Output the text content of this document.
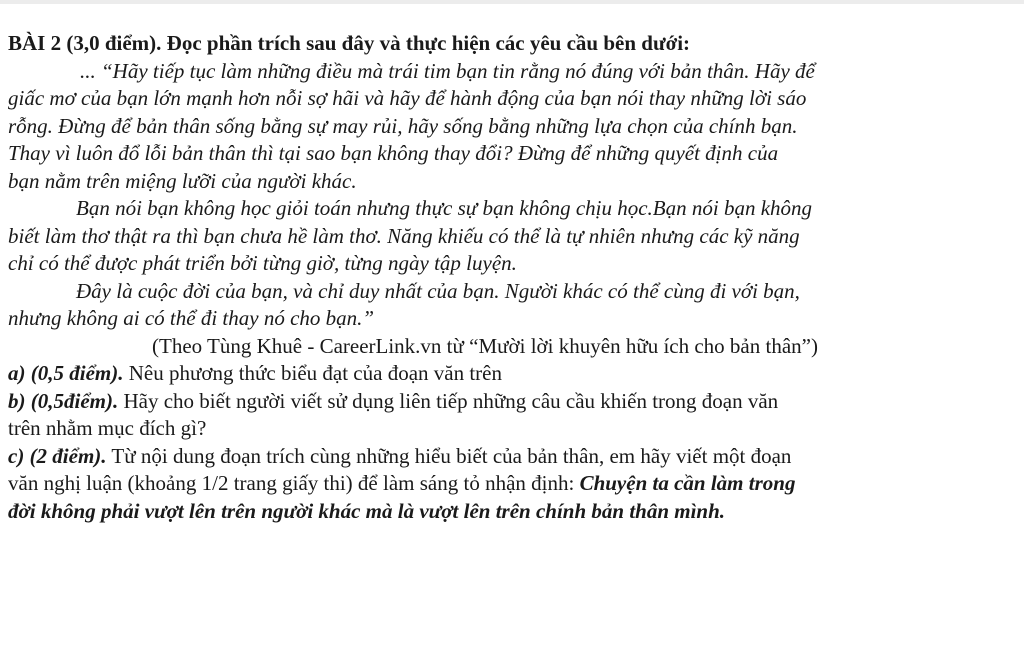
BÀI 2 (3,0 điểm). Đọc phần trích sau đây và thực hiện các yêu cầu bên dưới:
... “Hãy tiếp tục làm những điều mà trái tim bạn tin rằng nó đúng với bản thân. Hãy để
giấc mơ của bạn lớn mạnh hơn nỗi sợ hãi và hãy để hành động của bạn nói thay những lời sáo
rỗng. Đừng để bản thân sống bằng sự may rủi, hãy sống bằng những lựa chọn của chính bạn.
Thay vì luôn đổ lỗi bản thân thì tại sao bạn không thay đổi? Đừng để những quyết định của
bạn nằm trên miệng lưỡi của người khác.
Bạn nói bạn không học giỏi toán nhưng thực sự bạn không chịu học.Bạn nói bạn không
biết làm thơ thật ra thì bạn chưa hề làm thơ. Năng khiếu có thể là tự nhiên nhưng các kỹ năng
chỉ có thể được phát triển bởi từng giờ, từng ngày tập luyện.
Đây là cuộc đời của bạn, và chỉ duy nhất của bạn. Người khác có thể cùng đi với bạn,
nhưng không ai có thể đi thay nó cho bạn.”
(Theo Tùng Khuê - CareerLink.vn từ “Mười lời khuyên hữu ích cho bản thân”)
a) (0,5 điểm). Nêu phương thức biểu đạt của đoạn văn trên
b) (0,5điểm). Hãy cho biết người viết sử dụng liên tiếp những câu cầu khiến trong đoạn văn
trên nhằm mục đích gì?
c) (2 điểm). Từ nội dung đoạn trích cùng những hiểu biết của bản thân, em hãy viết một đoạn
văn nghị luận (khoảng 1/2 trang giấy thi) để làm sáng tỏ nhận định: Chuyện ta cần làm trong
đời không phải vượt lên trên người khác mà là vượt lên trên chính bản thân mình.
